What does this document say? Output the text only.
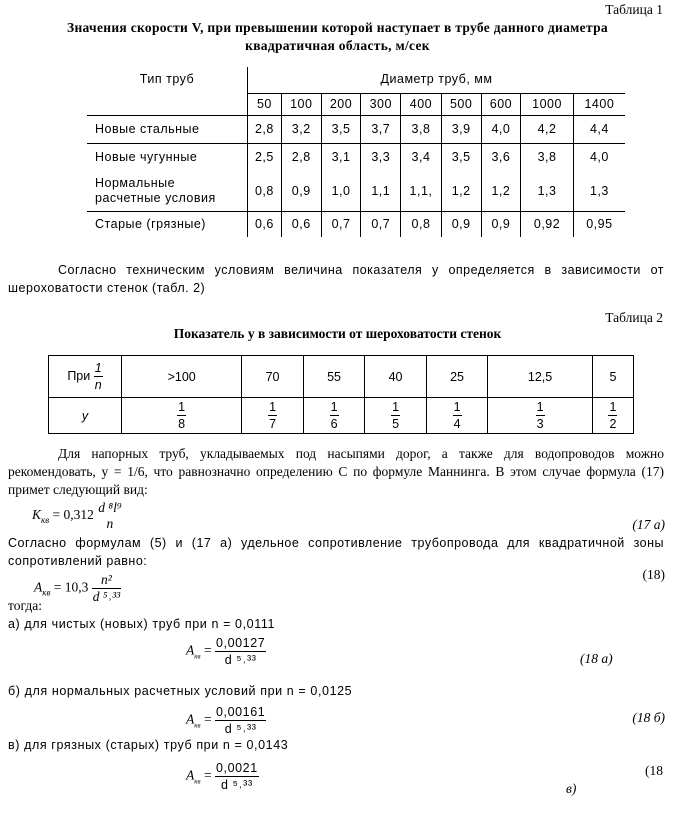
Таблица 1
Значения скорости V, при превышении которой наступает в трубе данного диаметра
квадратичная область, м/сек
Тип труб	Диаметр труб, мм								
	50	100	200	300	400	500	600	1000	1400
Новые стальные	2,8	3,2	3,5	3,7	3,8	3,9	4,0	4,2	4,4
Новые чугунные	2,5	2,8	3,1	3,3	3,4	3,5	3,6	3,8	4,0

Нормальные
расчетные условия	0,8	0,9	1,0	1,1	1,1,	1,2	1,2	1,3	1,3
Старые (грязные)	0,6	0,6	0,7	0,7	0,8	0,9	0,9	0,92	0,95
Согласно техническим условиям величина показателя y определяется в зависимости от шероховатости стенок (табл. 2)
Таблица 2
Показатель y в зависимости от шероховатости стенок
При $\frac{1}{n}$	>100	70	55	40	25	12,5	5
y	$\frac{1}{8}$	$\frac{1}{7}$	$\frac{1}{6}$	$\frac{1}{5}$	$\frac{1}{4}$	$\frac{1}{3}$	$\frac{1}{2}$
Для напорных труб, укладываемых под насыпями дорог, а также для водопроводов можно рекомендовать, y = 1/6, что равнозначно определению C по формуле Маннинга. В этом случае формула (17) примет следующий вид:
$K_{кв} = 0,312$ d ⁸l⁹
n	(17 а)
Согласно формулам (5) и (17 а) удельное сопротивление трубопровода для квадратичной зоны сопротивлений равно:
$A_{кв} = 10,3 \frac{\text{n²}}{\text{d ⁵˒³³}}$	(18)
тогда:
а) для чистых (новых) труб при n = 0,0111
$A_{кв} = \frac{0,00127}{\text{d ⁵˒³³}}$	(18 а)
б) для нормальных расчетных условий при n = 0,0125
$A_{кв} = \frac{0,00161}{\text{d ⁵˒³³}}$	(18 б)
в) для грязных (старых) труб при n = 0,0143
$A_{кв} = \frac{0,0021}{\text{d ⁵˒³³}}$	(18
в)
